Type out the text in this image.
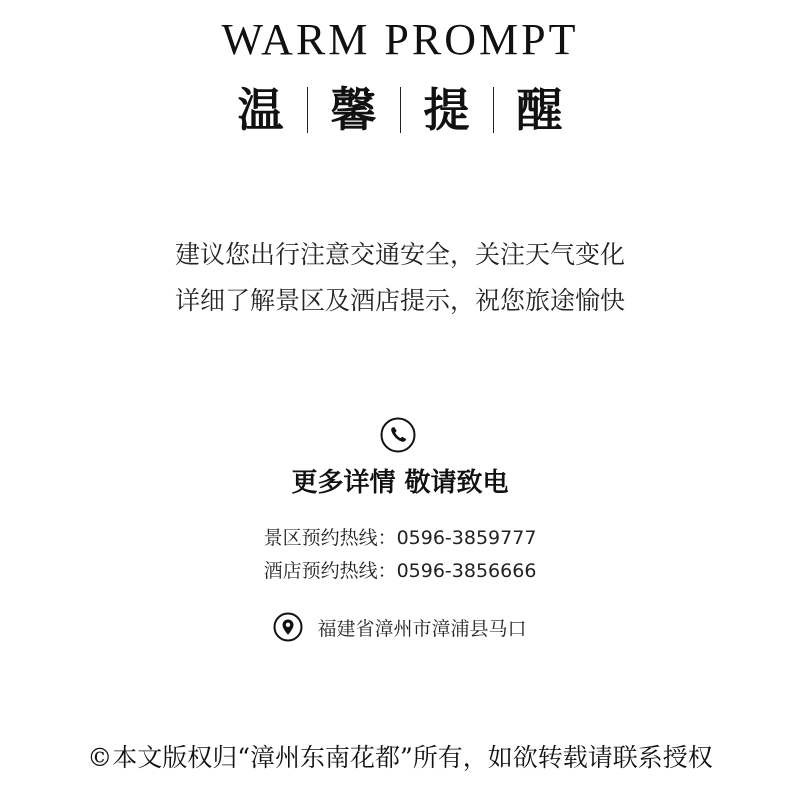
WARM PROMPT
温 馨 提 醒

建议您出行注意交通安全，关注天气变化

详细了解景区及酒店提示，祝您旅途愉快

更多详情 敬请致电

景区预约热线：0596-3859777

酒店预约热线：0596-3856666

福建省漳州市漳浦县马口
©本文版权归“漳州东南花都”所有，如欲转载请联系授权
